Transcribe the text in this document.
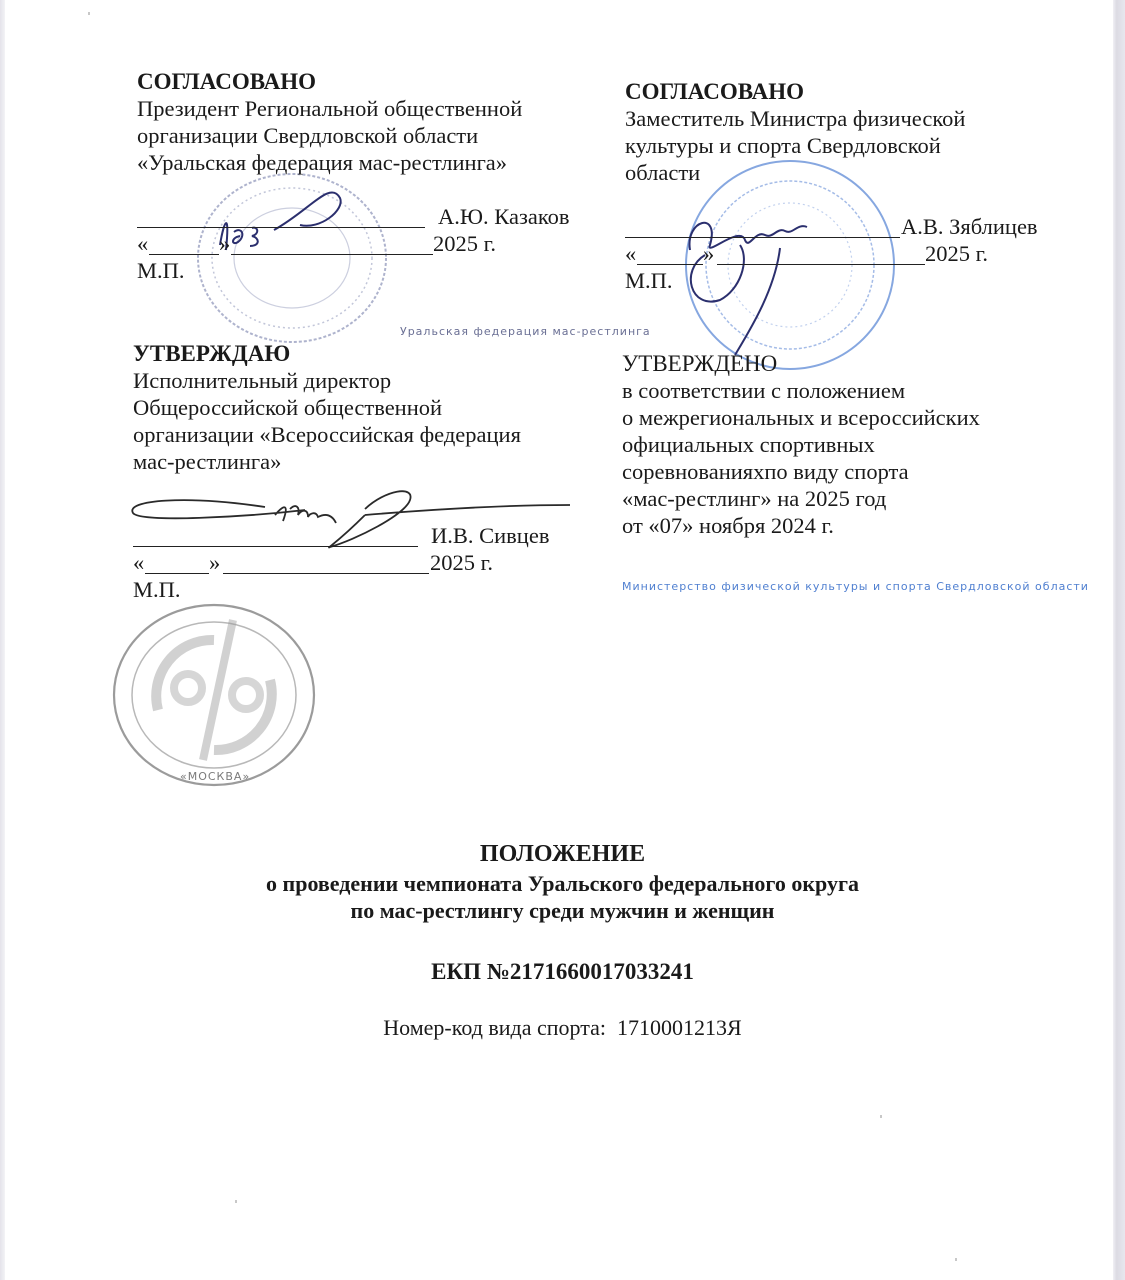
Уральская федерация мас-рестлинга
Министерство физической культуры и спорта Свердловской области
СОГЛАСОВАНО
Президент Региональной общественной
организации Свердловской области
«Уральская федерация мас-рестлинга»
А.Ю. Казаков
«	»	2025 г.
М.П.
СОГЛАСОВАНО
Заместитель Министра физической
культуры и спорта Свердловской
области
А.В. Зяблицев
«	»	2025 г.
М.П.
«МОСКВА»
УТВЕРЖДАЮ
Исполнительный директор
Общероссийской общественной
организации «Всероссийская федерация
мас-рестлинга»
И.В. Сивцев
«	»	2025 г.
М.П.
УТВЕРЖДЕНО
в соответствии с положением
о межрегиональных и всероссийских
официальных спортивных
соревнованияхпо виду спорта
«мас-рестлинг» на 2025 год
от «07» ноября 2024 г.
ПОЛОЖЕНИЕ
о проведении чемпионата Уральского федерального округа
по мас-рестлингу среди мужчин и женщин
ЕКП №2171660017033241
Номер-код вида спорта: 1710001213Я
